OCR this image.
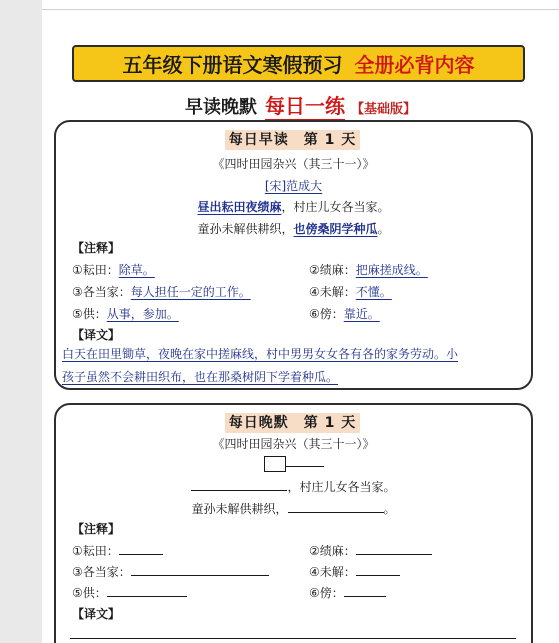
五年级下册语文寒假预习 全册必背内容
早读晚默 每日一练 【基础版】
每日早读　第 1 天
《四时田园杂兴（其三十一）》
[宋]范成大
昼出耘田夜绩麻，村庄儿女各当家。
童孙未解供耕织，也傍桑阴学种瓜。
【注释】
①耘田：除草。	②绩麻：把麻搓成线。
③各当家：每人担任一定的工作。	④未解：不懂。
⑤供：从事，参加。	⑥傍：靠近。
【译文】
白天在田里锄草，夜晚在家中搓麻线，村中男男女女各有各的家务劳动。小
孩子虽然不会耕田织布，也在那桑树阴下学着种瓜。
每日晚默　第 1 天
《四时田园杂兴（其三十一）》
，村庄儿女各当家。
童孙未解供耕织，	。
【注释】
①耘田：	②绩麻：
③各当家：	④未解：
⑤供：	⑥傍：
【译文】
